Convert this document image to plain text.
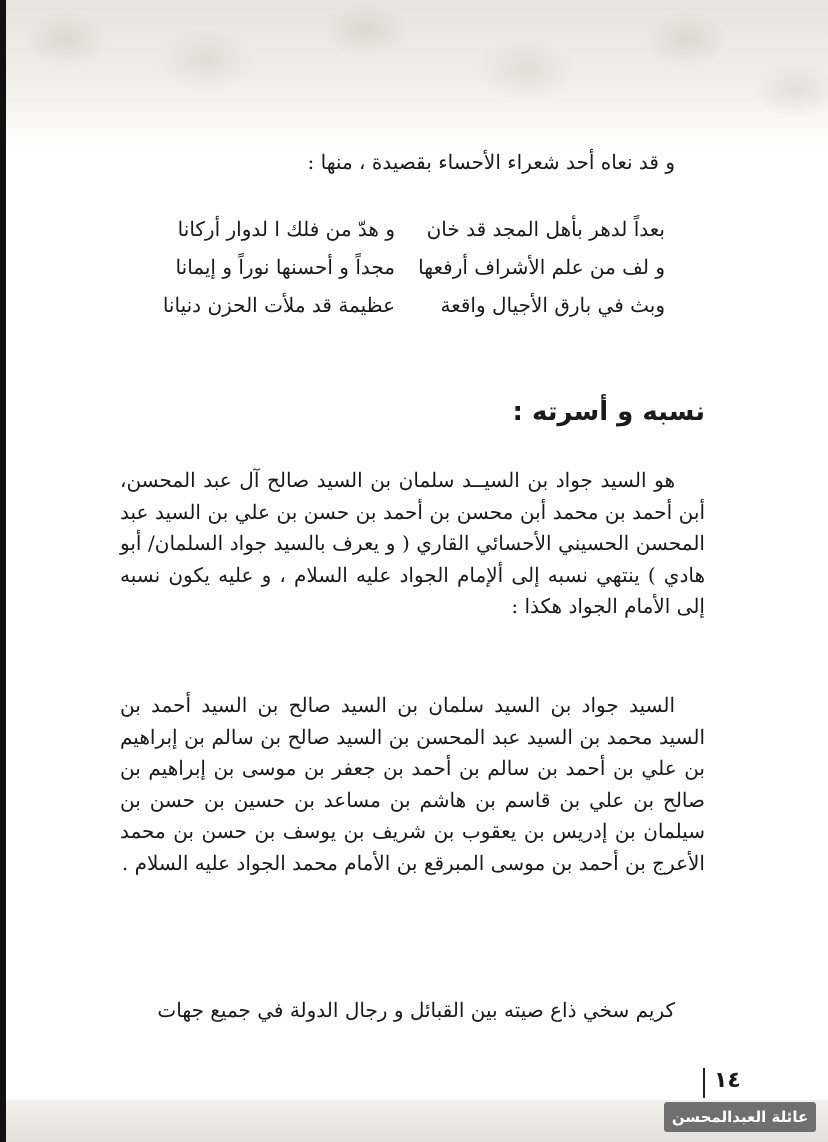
و قد نعاه أحد شعراء الأحساء بقصيدة ، منها :
بعداً لدهر بأهل المجد قد خان
و هدّ من فلك ا لدوار أركانا
و لف من علم الأشراف أرفعها
مجداً و أحسنها نوراً و إيمانا
وبث في بارق الأجيال واقعة
عظيمة قد ملأت الحزن دنيانا
نسبه و أسرته :

هو السيد جواد بن السيــد سلمان بن السيد صالح آل عبد المحسن، أبن أحمد بن محمد أبن محسن بن أحمد بن حسن بن علي بن السيد عبد المحسن الحسيني الأحسائي القاري ( و يعرف بالسيد جواد السلمان/ أبو هادي ) ينتهي نسبه إلى ألإمام الجواد عليه السلام ، و عليه يكون نسبه إلى الأمام الجواد هكذا :

السيد جواد بن السيد سلمان بن السيد صالح بن السيد أحمد بن السيد محمد بن السيد عبد المحسن بن السيد صالح بن سالم بن إبراهيم بن علي بن أحمد بن سالم بن أحمد بن جعفر بن موسى بن إبراهيم بن صالح بن علي بن قاسم بن هاشم بن مساعد بن حسين بن حسن بن سيلمان بن إدريس بن يعقوب بن شريف بن يوسف بن حسن بن محمد الأعرج بن أحمد بن موسى المبرقع بن الأمام محمد الجواد عليه السلام .

كريم سخي ذاع صيته بين القبائل و رجال الدولة في جميع جهات

١٤
عائلة العبدالمحسن
